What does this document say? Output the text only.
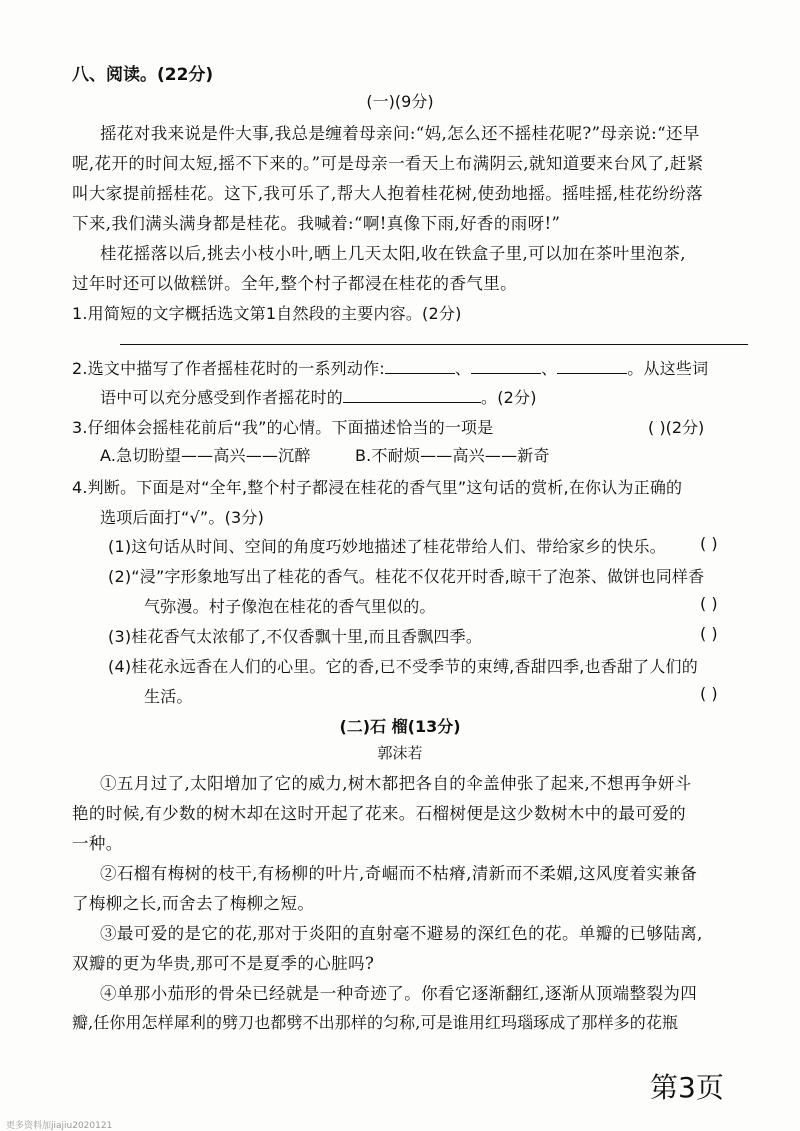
八、阅读。(22分)
(一)(9分)
摇花对我来说是件大事,我总是缠着母亲问:“妈,怎么还不摇桂花呢?”母亲说:“还早
呢,花开的时间太短,摇不下来的。”可是母亲一看天上布满阴云,就知道要来台风了,赶紧
叫大家提前摇桂花。这下,我可乐了,帮大人抱着桂花树,使劲地摇。摇哇摇,桂花纷纷落
下来,我们满头满身都是桂花。我喊着:“啊!真像下雨,好香的雨呀!”
桂花摇落以后,挑去小枝小叶,晒上几天太阳,收在铁盒子里,可以加在茶叶里泡茶,
过年时还可以做糕饼。全年,整个村子都浸在桂花的香气里。
1.用简短的文字概括选文第1自然段的主要内容。(2分)
2.选文中描写了作者摇桂花时的一系列动作:	、	、	。从这些词
语中可以充分感受到作者摇花时的	。(2分)
3.仔细体会摇桂花前后“我”的心情。下面描述恰当的一项是	( )(2分)
A.急切盼望——高兴——沉醉	B.不耐烦——高兴——新奇
4.判断。下面是对“全年,整个村子都浸在桂花的香气里”这句话的赏析,在你认为正确的
选项后面打“√”。(3分)
(1)这句话从时间、空间的角度巧妙地描述了桂花带给人们、带给家乡的快乐。 ( )
(2)“浸”字形象地写出了桂花的香气。桂花不仅花开时香,晾干了泡茶、做饼也同样香
气弥漫。村子像泡在桂花的香气里似的。	( )
(3)桂花香气太浓郁了,不仅香飘十里,而且香飘四季。	( )
(4)桂花永远香在人们的心里。它的香,已不受季节的束缚,香甜四季,也香甜了人们的
生活。	( )
(二)石 榴(13分)
郭沫若
①五月过了,太阳增加了它的威力,树木都把各自的伞盖伸张了起来,不想再争妍斗
艳的时候,有少数的树木却在这时开起了花来。石榴树便是这少数树木中的最可爱的
一种。
②石榴有梅树的枝干,有杨柳的叶片,奇崛而不枯瘠,清新而不柔媚,这风度着实兼备
了梅柳之长,而舍去了梅柳之短。
③最可爱的是它的花,那对于炎阳的直射毫不避易的深红色的花。单瓣的已够陆离,
双瓣的更为华贵,那可不是夏季的心脏吗?
④单那小茄形的骨朵已经就是一种奇迹了。你看它逐渐翻红,逐渐从顶端整裂为四
瓣,任你用怎样犀利的劈刀也都劈不出那样的匀称,可是谁用红玛瑙琢成了那样多的花瓶
第3页
更多资料加jiajiu2020121
